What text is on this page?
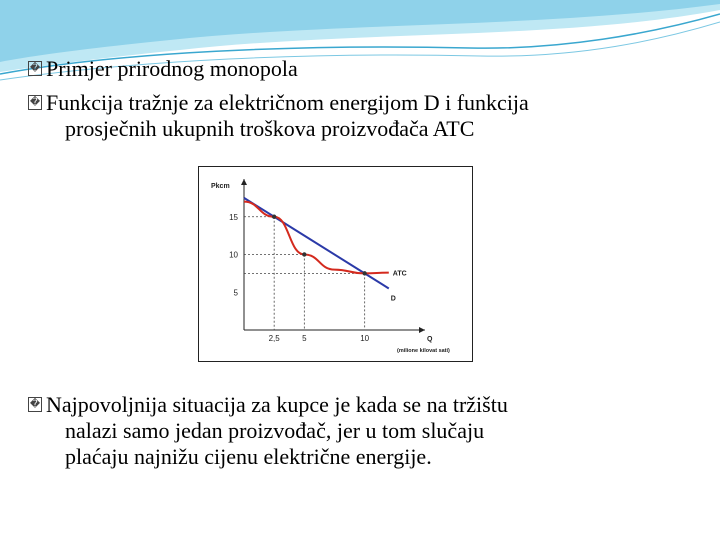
� Primjer prirodnog monopola
� Funkcija tražnje za električnom energijom D i funkcija
prosječnih ukupnih troškova proizvođača ATC
Pkcm
Q
(milione kilovat sati)
5
10
15
2,5	5	10
D
ATC
� Najpovoljnija situacija za kupce je kada se na tržištu
nalazi samo jedan proizvođač, jer u tom slučaju
plaćaju najnižu cijenu električne energije.
